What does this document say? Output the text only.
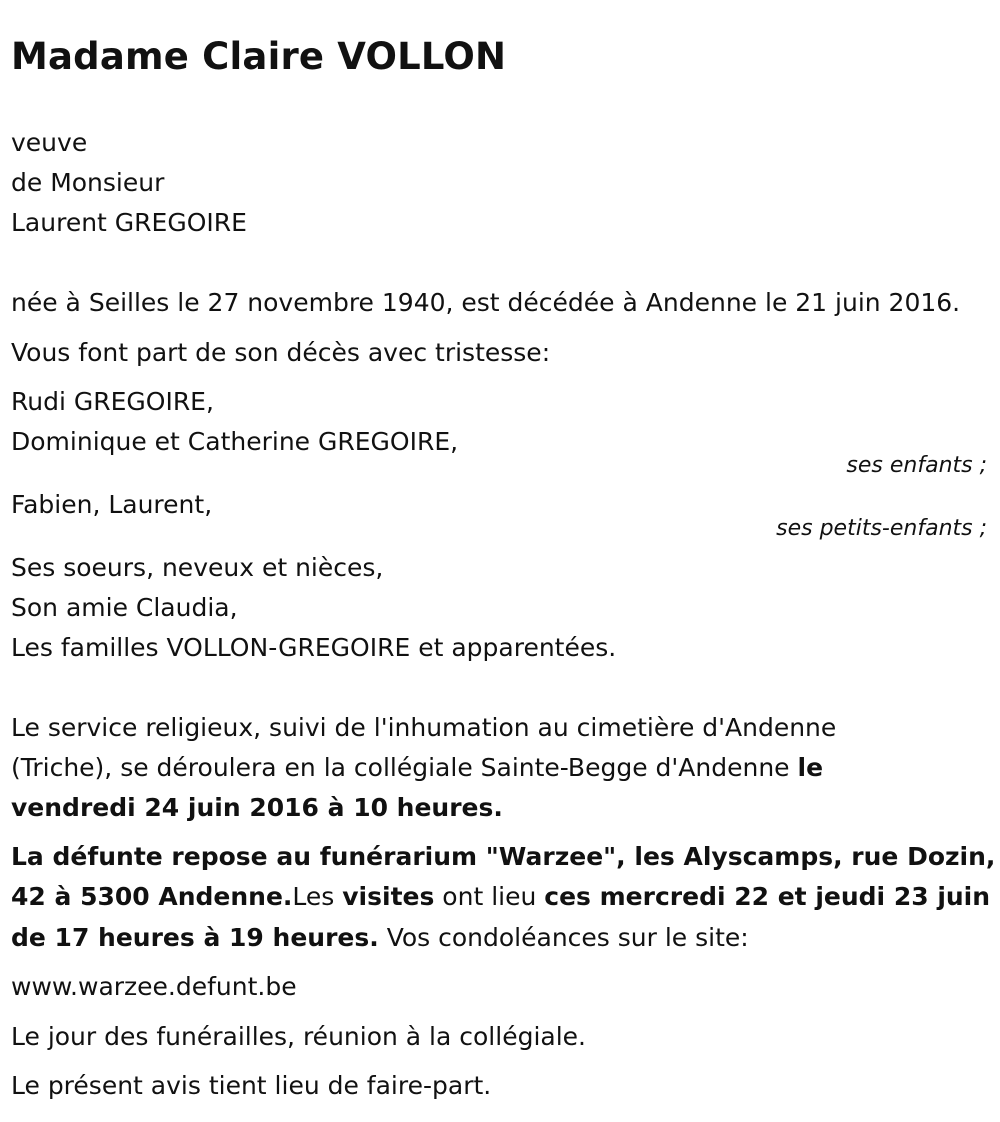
Madame Claire VOLLON

veuve

de Monsieur

Laurent GREGOIRE

née à Seilles le 27 novembre 1940, est décédée à Andenne le 21 juin 2016.

Vous font part de son décès avec tristesse:

Rudi GREGOIRE,

Dominique et Catherine GREGOIRE,

ses enfants ;

Fabien, Laurent,

ses petits-enfants ;

Ses soeurs, neveux et nièces,

Son amie Claudia,

Les familles VOLLON-GREGOIRE et apparentées.

Le service religieux, suivi de l'inhumation au cimetière d'Andenne

(Triche), se déroulera en la collégiale Sainte-Begge d'Andenne le

vendredi 24 juin 2016 à 10 heures.

La défunte repose au funérarium "Warzee", les Alyscamps, rue Dozin,

42 à 5300 Andenne.Les visites ont lieu ces mercredi 22 et jeudi 23 juin

de 17 heures à 19 heures. Vos condoléances sur le site:

www.warzee.defunt.be

Le jour des funérailles, réunion à la collégiale.

Le présent avis tient lieu de faire-part.
